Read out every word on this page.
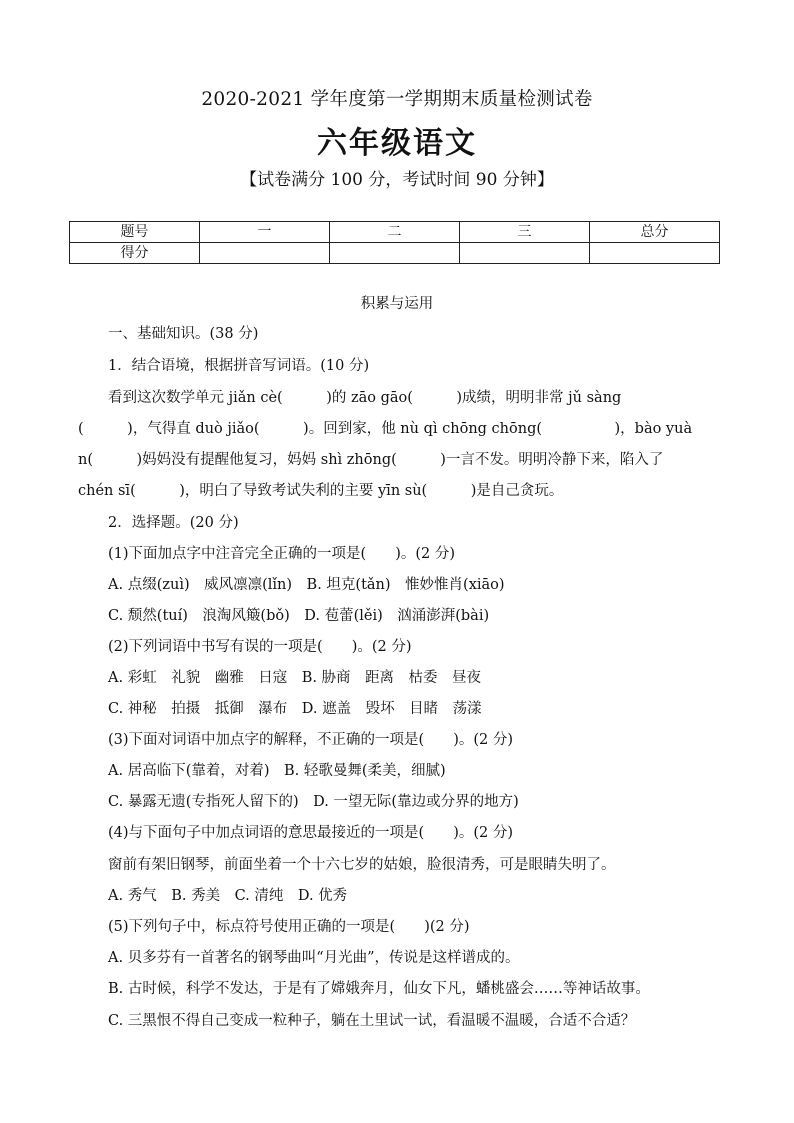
2020-2021 学年度第一学期期末质量检测试卷
六年级语文
【试卷满分 100 分，考试时间 90 分钟】
题号	一	二	三	总分
得分				
积累与运用
一、基础知识。(38 分)
1．结合语境，根据拼音写词语。(10 分)
看到这次数学单元 jiǎn cè(　　　)的 zāo gāo(　　　)成绩，明明非常 jǔ sàng
(　　　)，气得直 duò jiǎo(　　　)。回到家，他 nù qì chōng chōng(　　　　　)，bào yuà
n(　　　)妈妈没有提醒他复习，妈妈 shì zhōng(　　　)一言不发。明明冷静下来，陷入了
chén sī(　　　)，明白了导致考试失利的主要 yīn sù(　　　)是自己贪玩。
2．选择题。(20 分)
(1)下面加点字中注音完全正确的一项是(　　)。(2 分)
A. 点缀(zuì)　威风凛凛(lǐn)　B. 坦克(tǎn)　惟妙惟肖(xiāo)
C. 颓然(tuí)　浪淘风簸(bǒ)　D. 苞蕾(lěi)　汹涌澎湃(bài)
(2)下列词语中书写有误的一项是(　　)。(2 分)
A. 彩虹　礼貌　幽雅　日寇　B. 胁商　距离　枯委　昼夜
C. 神秘　拍摄　抵御　瀑布　D. 遮盖　毁坏　目睹　荡漾
(3)下面对词语中加点字的解释，不正确的一项是(　　)。(2 分)
A. 居高临下(靠着，对着)　B. 轻歌曼舞(柔美，细腻)
C. 暴露无遗(专指死人留下的)　D. 一望无际(靠边或分界的地方)
(4)与下面句子中加点词语的意思最接近的一项是(　　)。(2 分)
窗前有架旧钢琴，前面坐着一个十六七岁的姑娘，脸很清秀，可是眼睛失明了。
A. 秀气　B. 秀美　C. 清纯　D. 优秀
(5)下列句子中，标点符号使用正确的一项是(　　)(2 分)
A. 贝多芬有一首著名的钢琴曲叫“月光曲”，传说是这样谱成的。
B. 古时候，科学不发达，于是有了嫦娥奔月，仙女下凡，蟠桃盛会……等神话故事。
C. 三黑恨不得自己变成一粒种子，躺在土里试一试，看温暖不温暖，合适不合适？
